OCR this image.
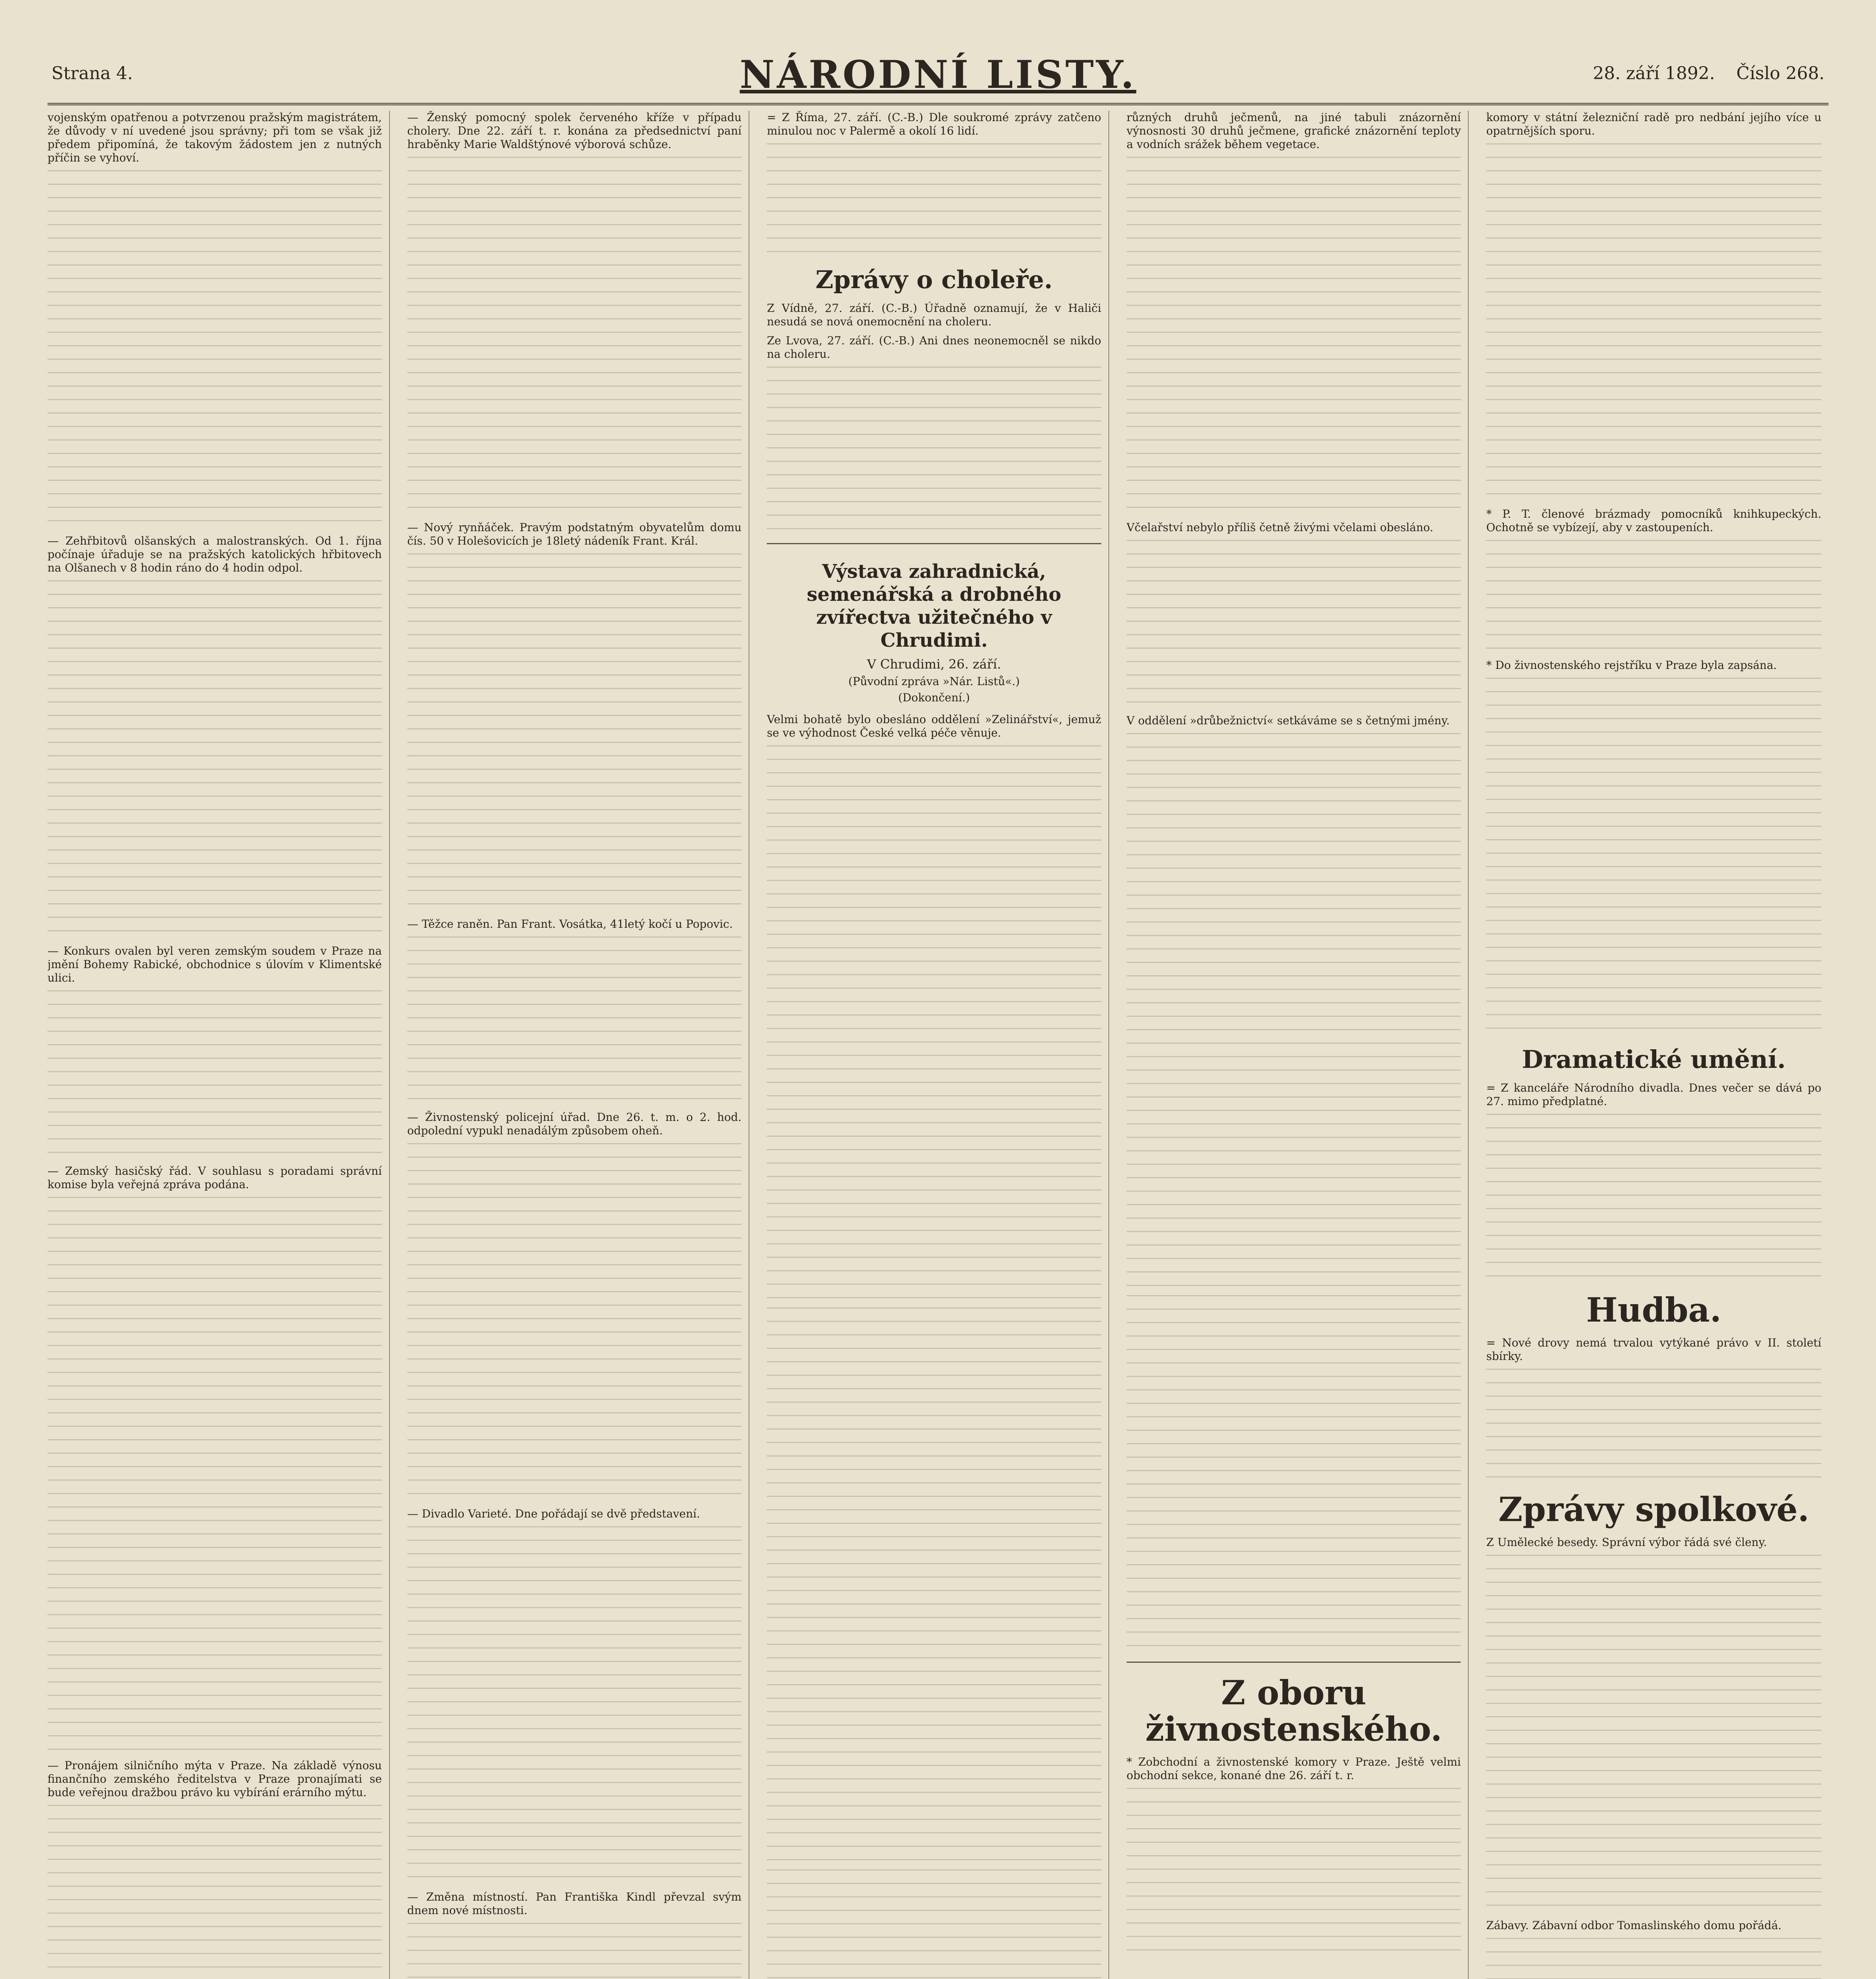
Strana 4.	NÁRODNÍ LISTY.	28. září 1892. Číslo 268.

vojenským opatřenou a potvrzenou pražským magistrátem, že důvody v ní uvedené jsou správny; při tom se však již předem připomíná, že takovým žádostem jen z nutných příčin se vyhoví.

— Zehřbitovů olšanských a malostranských. Od 1. října počínaje úřaduje se na pražských katolických hřbitovech na Olšanech v 8 hodin ráno do 4 hodin odpol.

— Konkurs ovalen byl veren zemským soudem v Praze na jmění Bohemy Rabické, obchodnice s úlovím v Klimentské ulici.

— Zemský hasičský řád. V souhlasu s poradami správní komise byla veřejná zpráva podána.

— Pronájem silničního mýta v Praze. Na základě výnosu finančního zemského ředitelstva v Praze pronajímati se bude veřejnou dražbou právo ku vybírání erárního mýtu.

— Ženský pomocný spolek červeného kříže v případu cholery. Dne 22. září t. r. konána za předsednictví paní hraběnky Marie Waldštýnové výborová schůze.

— Nový rynňáček. Pravým podstatným obyvatelům domu čís. 50 v Holešovicích je 18letý nádeník Frant. Král.

— Těžce raněn. Pan Frant. Vosátka, 41letý kočí u Popovic.

— Živnostenský policejní úřad. Dne 26. t. m. o 2. hod. odpolední vypukl nenadálým způsobem oheň.

— Divadlo Varieté. Dne pořádají se dvě představení.

— Změna místností. Pan Františka Kindl převzal svým dnem nové místnosti.

= Z Říma, 27. září. (C.-B.) Dle soukromé zprávy zatčeno minulou noc v Palermě a okolí 16 lidí.

Zprávy o choleře.

Z Vídně, 27. září. (C.-B.) Úřadně oznamují, že v Haliči nesudá se nová onemocnění na choleru.

Ze Lvova, 27. září. (C.-B.) Ani dnes neonemocněl se nikdo na choleru.

Výstava zahradnická, semenářská a drobného zvířectva užitečného v Chrudimi.
V Chrudimi, 26. září.
(Původní zpráva »Nár. Listů«.)
(Dokončení.)

Velmi bohatě bylo obesláno oddělení »Zelinářství«, jemuž se ve výhodnost České velká péče věnuje.

různých druhů ječmenů, na jiné tabuli znázornění výnosnosti 30 druhů ječmene, grafické znázornění teploty a vodních srážek během vegetace.

Včelařství nebylo příliš četně živými včelami obesláno.

V oddělení »drůbežnictví« setkáváme se s četnými jmény.

Z oboru živnostenského.

* Zobchodní a živnostenské komory v Praze. Ještě velmi obchodní sekce, konané dne 26. září t. r.

komory v státní železniční radě pro nedbání jejího více u opatrnějších sporu.

* P. T. členové brázmady pomocníků knihkupeckých. Ochotně se vybízejí, aby v zastoupeních.

* Do živnostenského rejstříku v Praze byla zapsána.

Dramatické umění.

= Z kanceláře Národního divadla. Dnes večer se dává po 27. mimo předplatné.

Hudba.

= Nové drovy nemá trvalou vytýkané právo v II. století sbírky.

Zprávy spolkové.

Z Umělecké besedy. Správní výbor řádá své členy.

Zábavy. Zábavní odbor Tomaslinského domu pořádá.
